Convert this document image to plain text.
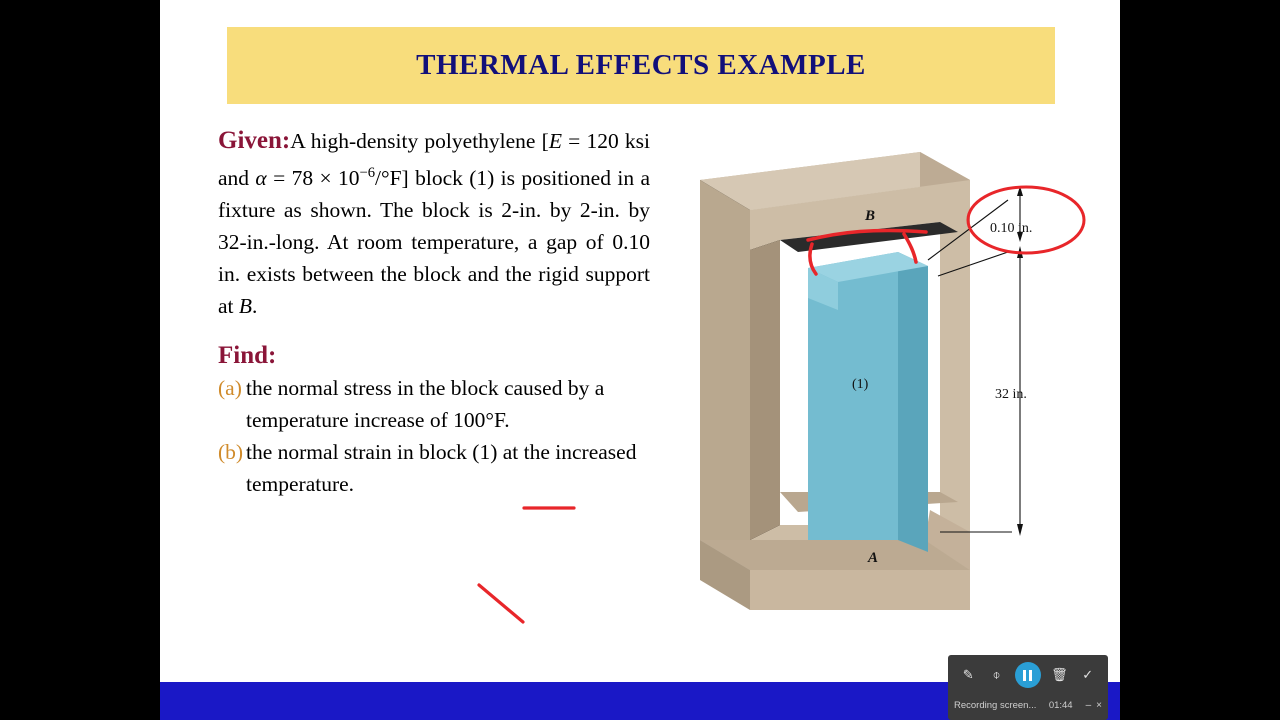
THERMAL EFFECTS EXAMPLE
Given:A high-density polyethylene [E = 120 ksi and $\alpha = 78 \times 10^{-6}/^\circ F$] block (1) is positioned in a fixture as shown. The block is 2-in. by 2-in. by 32-in.-long. At room temperature, a gap of 0.10 in. exists between the block and the rigid support at B.
Find:
(a) the normal stress in the block caused by a temperature increase of 100°F.
(b) the normal strain in block (1) at the increased temperature.
B
(1)
A
0.10 in.
32 in.
✎	⌽	🗑	✓
Recording screen...	01:44 – ×
